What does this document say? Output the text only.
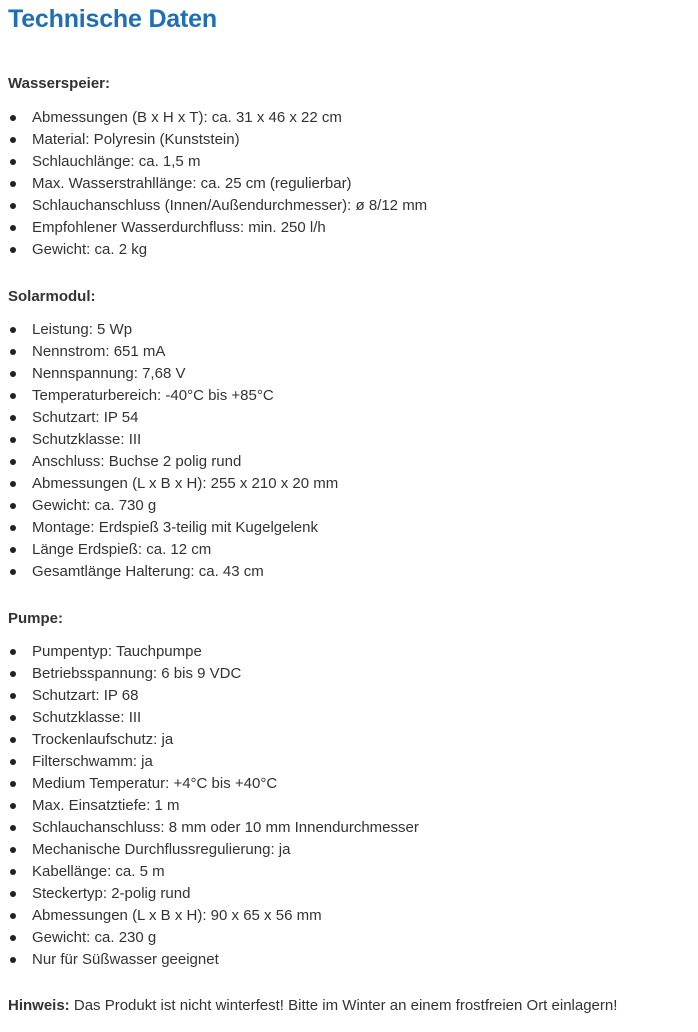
Technische Daten

Wasserspeier:

Abmessungen (B x H x T): ca. 31 x 46 x 22 cm
Material: Polyresin (Kunststein)
Schlauchlänge: ca. 1,5 m
Max. Wasserstrahllänge: ca. 25 cm (regulierbar)
Schlauchanschluss (Innen/Außendurchmesser): ø 8/12 mm
Empfohlener Wasserdurchfluss: min. 250 l/h
Gewicht: ca. 2 kg

Solarmodul:

Leistung: 5 Wp
Nennstrom: 651 mA
Nennspannung: 7,68 V
Temperaturbereich: -40°C bis +85°C
Schutzart: IP 54
Schutzklasse: III
Anschluss: Buchse 2 polig rund
Abmessungen (L x B x H): 255 x 210 x 20 mm
Gewicht: ca. 730 g
Montage: Erdspieß 3-teilig mit Kugelgelenk
Länge Erdspieß: ca. 12 cm
Gesamtlänge Halterung: ca. 43 cm

Pumpe:

Pumpentyp: Tauchpumpe
Betriebsspannung: 6 bis 9 VDC
Schutzart: IP 68
Schutzklasse: III
Trockenlaufschutz: ja
Filterschwamm: ja
Medium Temperatur: +4°C bis +40°C
Max. Einsatztiefe: 1 m
Schlauchanschluss: 8 mm oder 10 mm Innendurchmesser
Mechanische Durchflussregulierung: ja
Kabellänge: ca. 5 m
Steckertyp: 2-polig rund
Abmessungen (L x B x H): 90 x 65 x 56 mm
Gewicht: ca. 230 g
Nur für Süßwasser geeignet

Hinweis: Das Produkt ist nicht winterfest! Bitte im Winter an einem frostfreien Ort einlagern!
